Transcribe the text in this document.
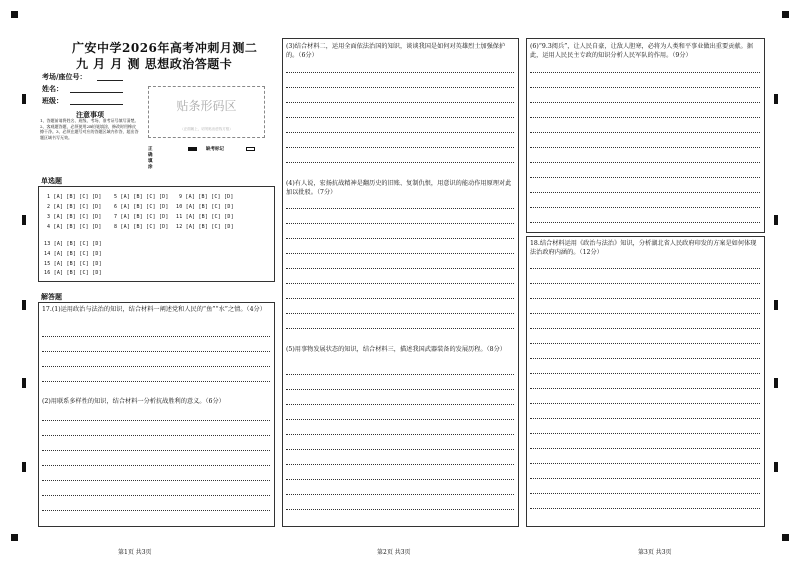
广安中学2026年高考冲刺月测二
九 月 月 测 思想政治答题卡
考场/座位号：
姓名：
班级：
注意事项
1、答题前请将姓名、班级、考场、准考证号填写清楚。2、客观题答题，必须使用2B铅笔填涂，修改时用橡皮擦干净。3、必须在题号对应的答题区域内作答，超出答题区域书写无效。
贴条形码区
（正面朝上，切勿贴出虚线方框）
正确填涂
缺考标记
单选题
1 [A] [B] [C] [D]
2 [A] [B] [C] [D]
3 [A] [B] [C] [D]
4 [A] [B] [C] [D]
5 [A] [B] [C] [D]
6 [A] [B] [C] [D]
7 [A] [B] [C] [D]
8 [A] [B] [C] [D]
9 [A] [B] [C] [D]
10 [A] [B] [C] [D]
11 [A] [B] [C] [D]
12 [A] [B] [C] [D]
13 [A] [B] [C] [D]
14 [A] [B] [C] [D]
15 [A] [B] [C] [D]
16 [A] [B] [C] [D]
解答题
17.(1)运用政治与法治的知识，结合材料一阐述党和人民的“鱼”“水”之情。（4分）
(2)用联系多样性的知识，结合材料一分析抗战胜利的意义。（6分）
(3)结合材料二，运用全面依法治国的知识，谈谈我国是如何对英雄烈士加强保护的。（6分）
(4)有人说，宏扬抗战精神是翻历史的旧账、复制仇恨，用意识的能动作用原理对此加以批驳。（7分）
(5)用事物发展状态的知识，结合材料三，描述我国武器装备的发展历程。（8分）
(6)“9.3阅兵”，让人民自豪，让敌人胆寒，必将为人类和平事业做出重要贡献。据此，运用人民民主专政的知识分析人民军队的作用。（9分）
18.结合材料运用《政治与法治》知识，分析湖北省人民政府印发的方案是如何体现法治政府内涵的。（12分）
第1页 共3页	第2页 共3页	第3页 共3页
